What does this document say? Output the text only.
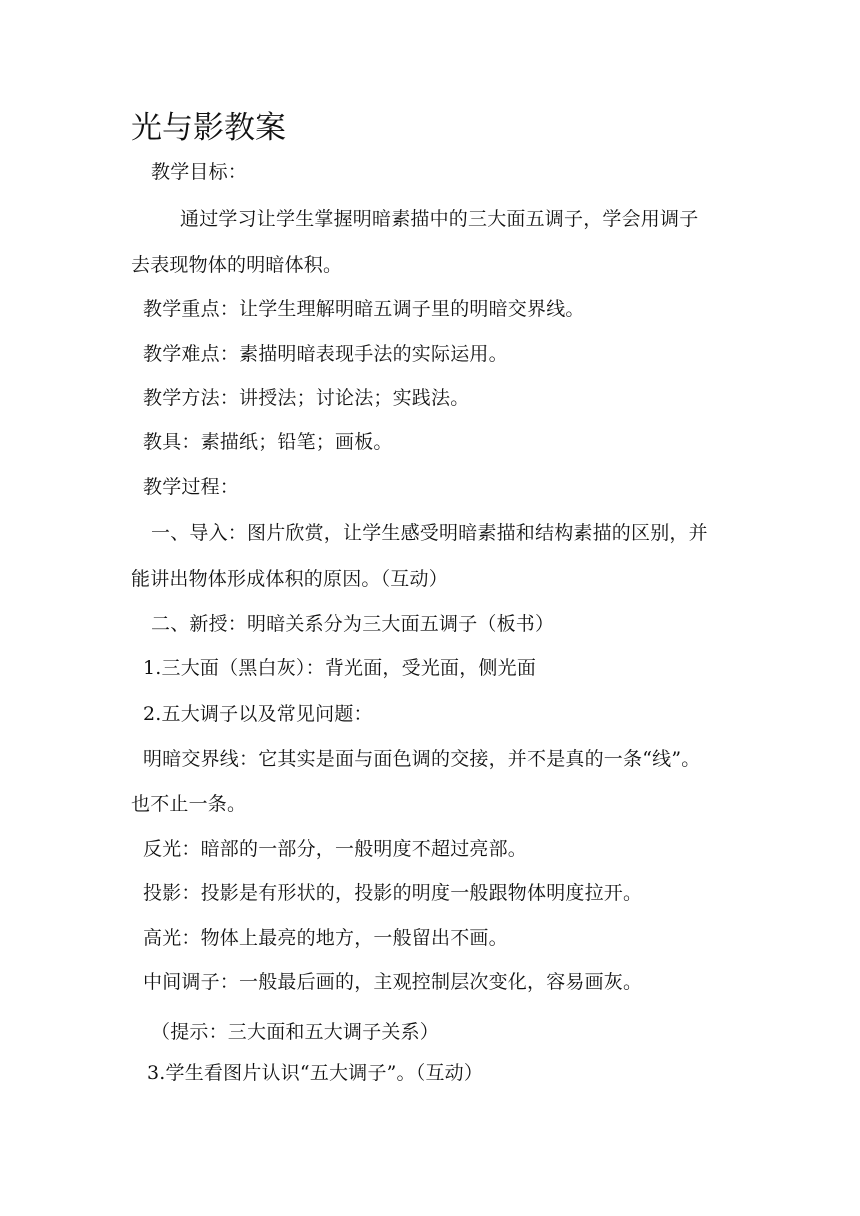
光与影教案
教学目标：
通过学习让学生掌握明暗素描中的三大面五调子，学会用调子
去表现物体的明暗体积。
教学重点：让学生理解明暗五调子里的明暗交界线。
教学难点：素描明暗表现手法的实际运用。
教学方法：讲授法；讨论法；实践法。
教具：素描纸；铅笔；画板。
教学过程：
一、导入：图片欣赏，让学生感受明暗素描和结构素描的区别，并
能讲出物体形成体积的原因。（互动）
二、新授：明暗关系分为三大面五调子（板书）
1.三大面（黑白灰）：背光面，受光面，侧光面
2.五大调子以及常见问题：
明暗交界线：它其实是面与面色调的交接，并不是真的一条“线”。
也不止一条。
反光：暗部的一部分，一般明度不超过亮部。
投影：投影是有形状的，投影的明度一般跟物体明度拉开。
高光：物体上最亮的地方，一般留出不画。
中间调子：一般最后画的，主观控制层次变化，容易画灰。
（提示：三大面和五大调子关系）
3.学生看图片认识“五大调子”。（互动）
